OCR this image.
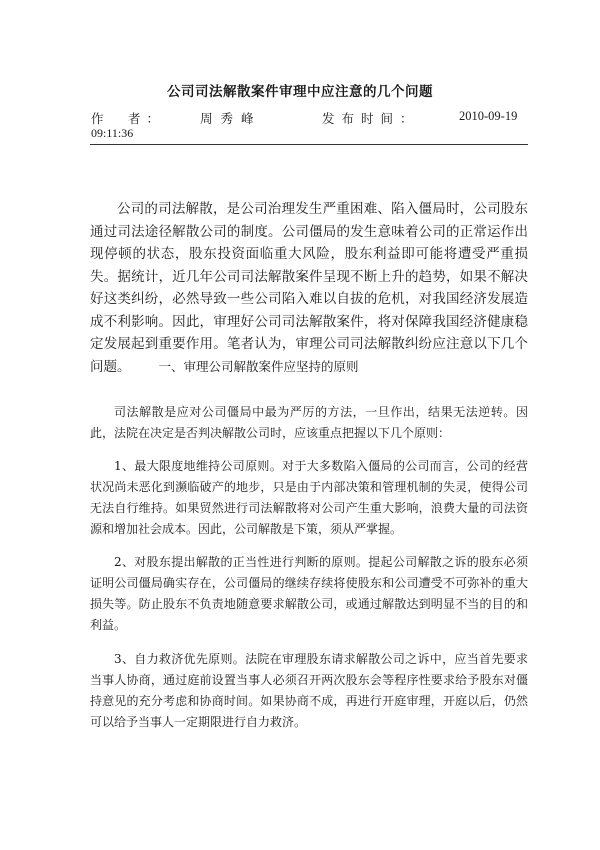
公司司法解散案件审理中应注意的几个问题
作　者：	周秀峰	发布时间：	2010-09-19
09:11:36

公司的司法解散，是公司治理发生严重困难、陷入僵局时，公司股东通过司法途径解散公司的制度。公司僵局的发生意味着公司的正常运作出现停顿的状态，股东投资面临重大风险，股东利益即可能将遭受严重损失。据统计，近几年公司司法解散案件呈现不断上升的趋势，如果不解决好这类纠纷，必然导致一些公司陷入难以自拔的危机，对我国经济发展造成不利影响。因此，审理好公司司法解散案件，将对保障我国经济健康稳定发展起到重要作用。笔者认为，审理公司司法解散纠纷应注意以下几个问题。 一、审理公司解散案件应坚持的原则

司法解散是应对公司僵局中最为严厉的方法，一旦作出，结果无法逆转。因此，法院在决定是否判决解散公司时，应该重点把握以下几个原则：

1、最大限度地维持公司原则。对于大多数陷入僵局的公司而言，公司的经营状况尚未恶化到濒临破产的地步，只是由于内部决策和管理机制的失灵，使得公司无法自行维持。如果贸然进行司法解散将对公司产生重大影响，浪费大量的司法资源和增加社会成本。因此，公司解散是下策，须从严掌握。

2、对股东提出解散的正当性进行判断的原则。提起公司解散之诉的股东必须证明公司僵局确实存在，公司僵局的继续存续将使股东和公司遭受不可弥补的重大损失等。防止股东不负责地随意要求解散公司，或通过解散达到明显不当的目的和利益。

3、自力救济优先原则。法院在审理股东请求解散公司之诉中，应当首先要求当事人协商，通过庭前设置当事人必须召开两次股东会等程序性要求给予股东对僵持意见的充分考虑和协商时间。如果协商不成，再进行开庭审理，开庭以后，仍然可以给予当事人一定期限进行自力救济。
